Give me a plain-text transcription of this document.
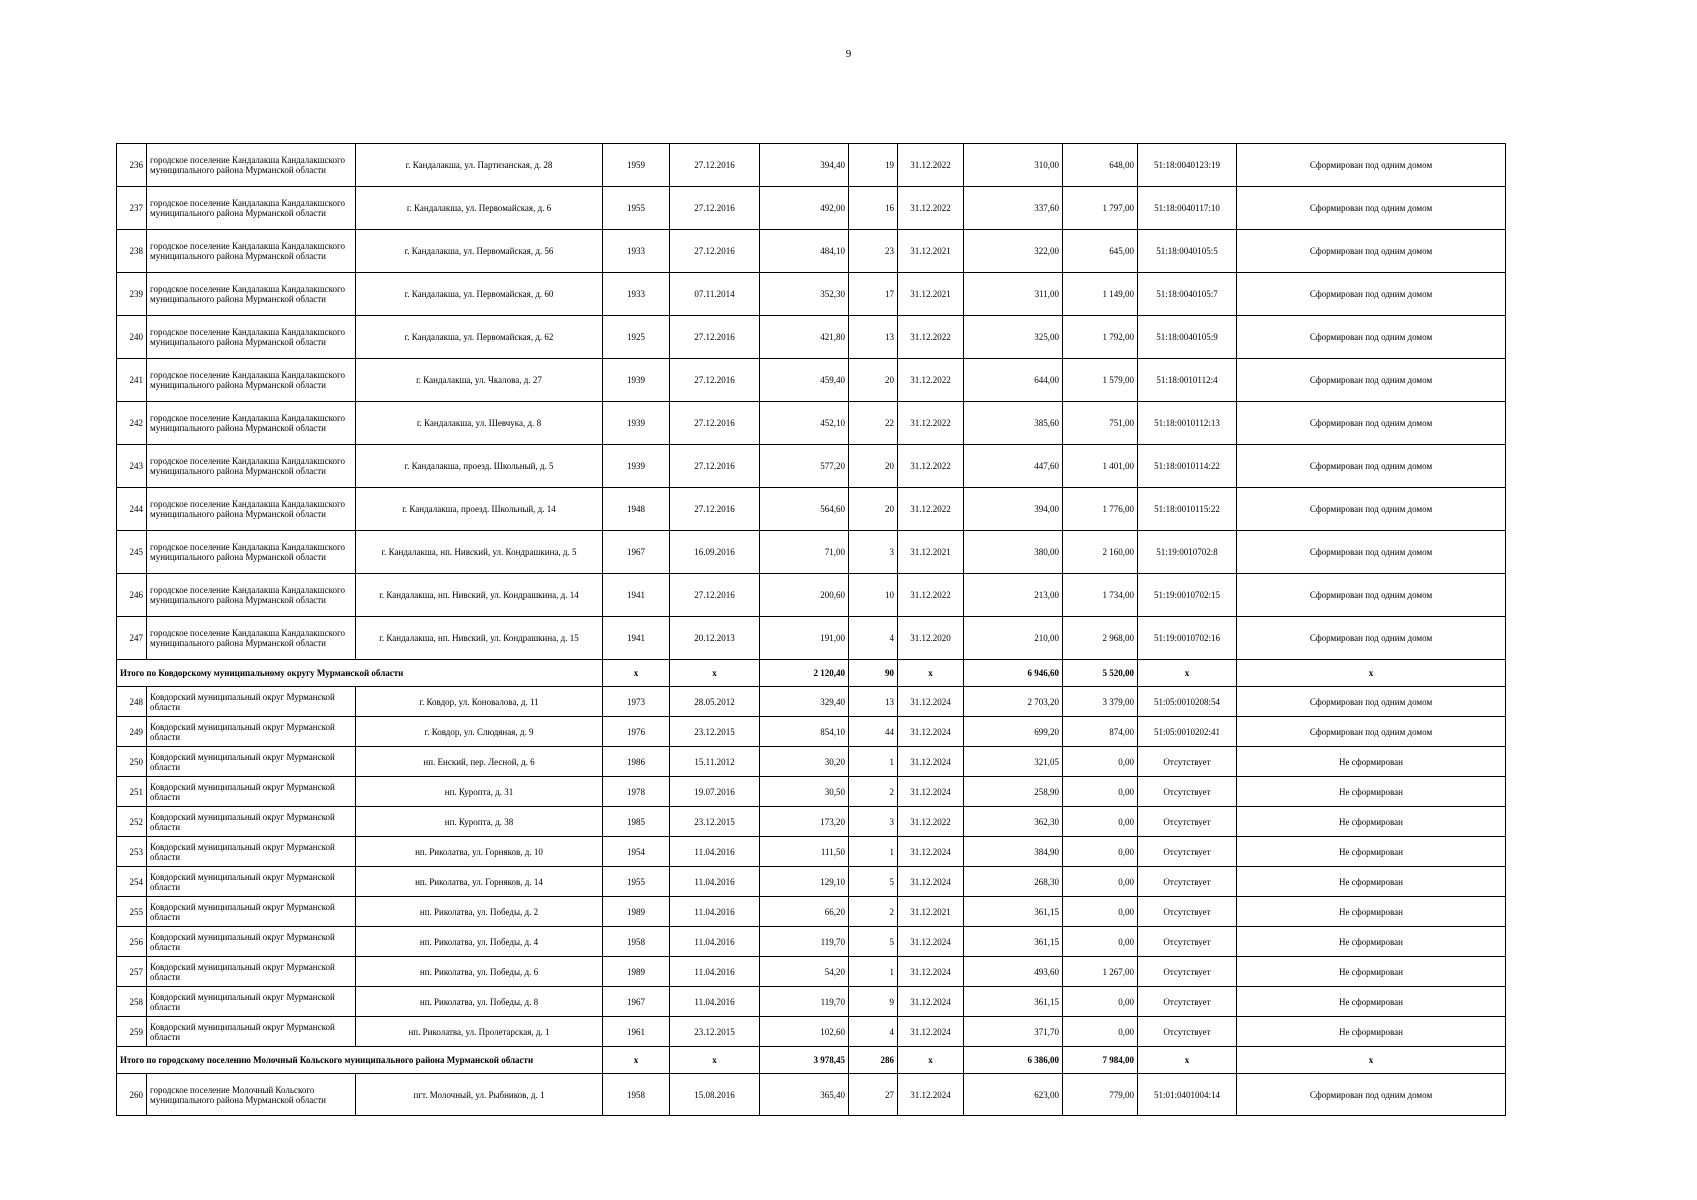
9
236	городское поселение Кандалакша Кандалакшского муниципального района Мурманской области	г. Кандалакша, ул. Партизанская, д. 28	1959	27.12.2016	394,40	19	31.12.2022	310,00	648,00	51:18:0040123:19	Сформирован под одним домом
237	городское поселение Кандалакша Кандалакшского муниципального района Мурманской области	г. Кандалакша, ул. Первомайская, д. 6	1955	27.12.2016	492,00	16	31.12.2022	337,60	1 797,00	51:18:0040117:10	Сформирован под одним домом
238	городское поселение Кандалакша Кандалакшского муниципального района Мурманской области	г. Кандалакша, ул. Первомайская, д. 56	1933	27.12.2016	484,10	23	31.12.2021	322,00	645,00	51:18:0040105:5	Сформирован под одним домом
239	городское поселение Кандалакша Кандалакшского муниципального района Мурманской области	г. Кандалакша, ул. Первомайская, д. 60	1933	07.11.2014	352,30	17	31.12.2021	311,00	1 149,00	51:18:0040105:7	Сформирован под одним домом
240	городское поселение Кандалакша Кандалакшского муниципального района Мурманской области	г. Кандалакша, ул. Первомайская, д. 62	1925	27.12.2016	421,80	13	31.12.2022	325,00	1 792,00	51:18:0040105:9	Сформирован под одним домом
241	городское поселение Кандалакша Кандалакшского муниципального района Мурманской области	г. Кандалакша, ул. Чкалова, д. 27	1939	27.12.2016	459,40	20	31.12.2022	644,00	1 579,00	51:18:0010112:4	Сформирован под одним домом
242	городское поселение Кандалакша Кандалакшского муниципального района Мурманской области	г. Кандалакша, ул. Шевчука, д. 8	1939	27.12.2016	452,10	22	31.12.2022	385,60	751,00	51:18:0010112:13	Сформирован под одним домом
243	городское поселение Кандалакша Кандалакшского муниципального района Мурманской области	г. Кандалакша, проезд. Школьный, д. 5	1939	27.12.2016	577,20	20	31.12.2022	447,60	1 401,00	51:18:0010114:22	Сформирован под одним домом
244	городское поселение Кандалакша Кандалакшского муниципального района Мурманской области	г. Кандалакша, проезд. Школьный, д. 14	1948	27.12.2016	564,60	20	31.12.2022	394,00	1 776,00	51:18:0010115:22	Сформирован под одним домом
245	городское поселение Кандалакша Кандалакшского муниципального района Мурманской области	г. Кандалакша, нп. Нивский, ул. Кондрашкина, д. 5	1967	16.09.2016	71,00	3	31.12.2021	380,00	2 160,00	51:19:0010702:8	Сформирован под одним домом
246	городское поселение Кандалакша Кандалакшского муниципального района Мурманской области	г. Кандалакша, нп. Нивский, ул. Кондрашкина, д. 14	1941	27.12.2016	200,60	10	31.12.2022	213,00	1 734,00	51:19:0010702:15	Сформирован под одним домом
247	городское поселение Кандалакша Кандалакшского муниципального района Мурманской области	г. Кандалакша, нп. Нивский, ул. Кондрашкина, д. 15	1941	20.12.2013	191,00	4	31.12.2020	210,00	2 968,00	51:19:0010702:16	Сформирован под одним домом
Итого по Ковдорскому муниципальному округу Мурманской области			x	x	2 120,40	90	x	6 946,60	5 520,00	x	x
248	Ковдорский муниципальный округ Мурманской области	г. Ковдор, ул. Коновалова, д. 11	1973	28.05.2012	329,40	13	31.12.2024	2 703,20	3 379,00	51:05:0010208:54	Сформирован под одним домом
249	Ковдорский муниципальный округ Мурманской области	г. Ковдор, ул. Слюдяная, д. 9	1976	23.12.2015	854,10	44	31.12.2024	699,20	874,00	51:05:0010202:41	Сформирован под одним домом
250	Ковдорский муниципальный округ Мурманской области	нп. Енский, пер. Лесной, д. 6	1986	15.11.2012	30,20	1	31.12.2024	321,05	0,00	Отсутствует	Не сформирован
251	Ковдорский муниципальный округ Мурманской области	нп. Куропта, д. 31	1978	19.07.2016	30,50	2	31.12.2024	258,90	0,00	Отсутствует	Не сформирован
252	Ковдорский муниципальный округ Мурманской области	нп. Куропта, д. 38	1985	23.12.2015	173,20	3	31.12.2022	362,30	0,00	Отсутствует	Не сформирован
253	Ковдорский муниципальный округ Мурманской области	нп. Риколатва, ул. Горняков, д. 10	1954	11.04.2016	111,50	1	31.12.2024	384,90	0,00	Отсутствует	Не сформирован
254	Ковдорский муниципальный округ Мурманской области	нп. Риколатва, ул. Горняков, д. 14	1955	11.04.2016	129,10	5	31.12.2024	268,30	0,00	Отсутствует	Не сформирован
255	Ковдорский муниципальный округ Мурманской области	нп. Риколатва, ул. Победы, д. 2	1989	11.04.2016	66,20	2	31.12.2021	361,15	0,00	Отсутствует	Не сформирован
256	Ковдорский муниципальный округ Мурманской области	нп. Риколатва, ул. Победы, д. 4	1958	11.04.2016	119,70	5	31.12.2024	361,15	0,00	Отсутствует	Не сформирован
257	Ковдорский муниципальный округ Мурманской области	нп. Риколатва, ул. Победы, д. 6	1989	11.04.2016	54,20	1	31.12.2024	493,60	1 267,00	Отсутствует	Не сформирован
258	Ковдорский муниципальный округ Мурманской области	нп. Риколатва, ул. Победы, д. 8	1967	11.04.2016	119,70	9	31.12.2024	361,15	0,00	Отсутствует	Не сформирован
259	Ковдорский муниципальный округ Мурманской области	нп. Риколатва, ул. Пролетарская, д. 1	1961	23.12.2015	102,60	4	31.12.2024	371,70	0,00	Отсутствует	Не сформирован
Итого по городскому поселению Молочный Кольского муниципального района Мурманской области			x	x	3 978,45	286	x	6 386,00	7 984,00	x	x
260	городское поселение Молочный Кольского муниципального района Мурманской области	пгт. Молочный, ул. Рыбников, д. 1	1958	15.08.2016	365,40	27	31.12.2024	623,00	779,00	51:01:0401004:14	Сформирован под одним домом
